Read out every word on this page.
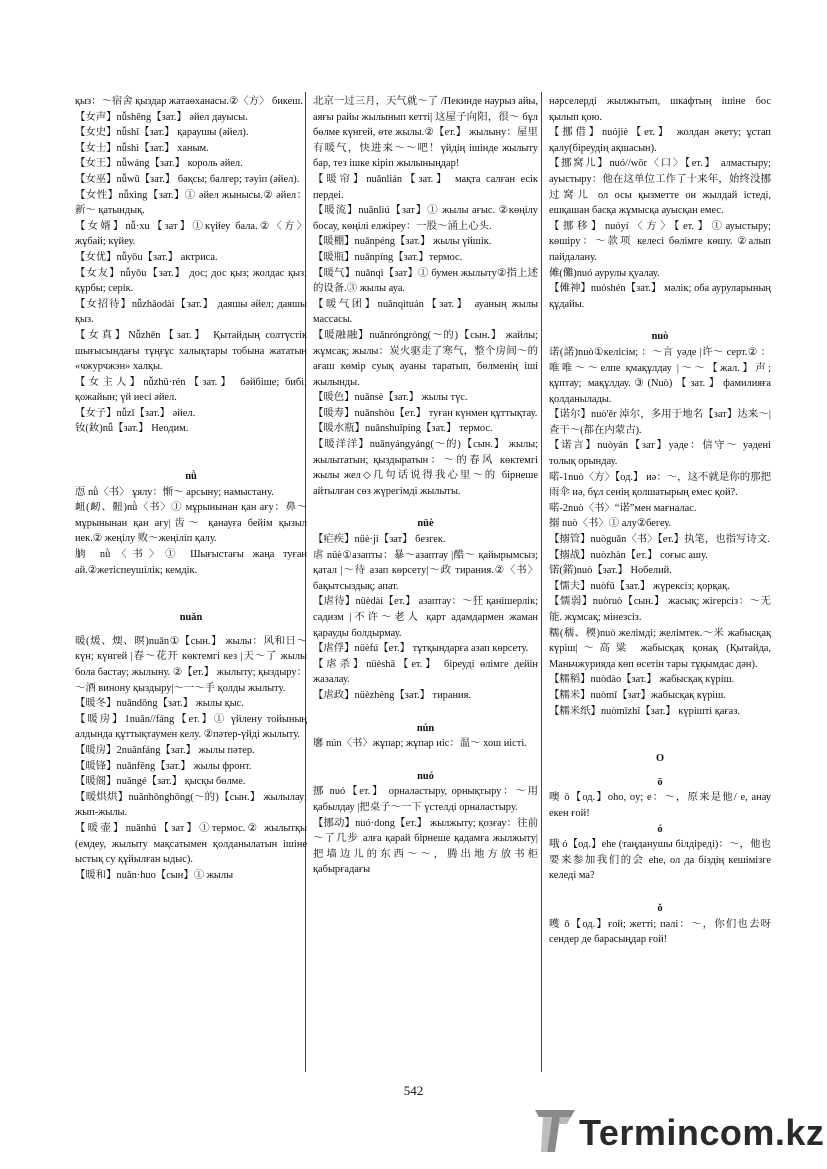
қыз：～宿舍 қыздар жатаөханасы.②〈方〉 бикеш.
【女声】nǚshēng【зат.】 әйел дауысы.
【女史】nǚshǐ【зат.】 қараушы (әйел).
【女士】nǚshì【зат.】 ханым.
【女王】nǚwáng【зат.】 король әйел.
【女巫】nǚwū【зат.】 бақсы; балгер; тәуіп (әйел).
【女性】nǚxìng【зат.】① әйел жынысы.② әйел：新～ қатындық.
【女婿】nǚ·xu【зат】①күйеу бала.②〈方〉 жұбай; күйеу.
【女优】nǚyōu【зат.】 актриса.
【女友】nǚyǒu【зат.】 дос; дос қыз; жолдас қыз; құрбы; серік.
【女招待】nǚzhāodài【зат.】 даяшы әйел; даяшы қыз.
【女真】Nǚzhēn【зат.】 Қытайдың солтүстік шығысындағы тұңғұс халықтары тобына жататын «чжурчжэн» халқы.
【女主人】nǚzhǔ·rén【зат.】 бәйбіше; бибі; қожайын; үй иесі әйел.
【女子】nǚzǐ【зат.】 әйел.
钕(釹)nǚ【зат.】 Неодим.
nǜ
恧 nǜ〈书〉 ұялу：惭～ арсыну; намыстану.
衄(衂、䶊)nǜ〈书〉① мұрынынан қан ағу：鼻～ мұрынынан қан ағу|齿～ қанауға бейім қызыл иек.② жеңілу 败～жеңіліп қалу.
朒 nǜ〈书〉① Шығыстағы жаңа туған ай.②жетіспеушілік; кемдік.
nuǎn
暖(煖、煗、暝)nuǎn①【сын.】 жылы：风和日～күн; күнгей |春～花开 көктемгі кез |天～了 жылы бола бастау; жылыну. ②【ет.】 жылыту; қыздыру：～酒 винону қыздыру|～一～手 қолды жылыту.
【暖冬】nuǎndōng【зат.】 жылы қыс.
【暖房】1nuǎn//fáng【ет.】① үйлену тойының алдында құттықтаумен келу. ②пәтер-үйді жылыту.
【暖房】2nuǎnfáng【зат.】 жылы пәтер.
【暖锋】nuǎnfēng【зат.】 жылы фронт.
【暖阁】nuǎngé【зат.】 қысқы бөлме.
【暖烘烘】nuǎnhōnghōng(～的)【сын.】 жылылау; жып-жылы.
【暖壶】nuǎnhú【зат】①термос.② жылытқы (емдеу, жылыту мақсатымен қолданылатын ішіне ыстық су құйылған ыдыс).
【暖和】nuǎn·huo【сын】① жылы
北京一过三月，天气就～了 /Пекинде наурыз айы, аяғы райы жылынып кетті| 这屋子向阳，很～ бұл бөлме күнгей, өте жылы.②【ет.】 жылыну：屋里有暖气，快进来～～吧！үйдің ішінде жылыту бар, тез ішке кіріп жылыныңдар!
【暖帘】nuǎnlián【зат.】 мақта салған есік пердеі.
【暖流】nuǎnliú【зат】① жылы ағыс. ②көңілу босау, көңілі елжіреу：一股～涌上心头.
【暖棚】nuǎnpéng【зат.】 жылы үйшік.
【暖瓶】nuǎnpíng【зат.】термос.
【暖气】nuǎnqì【зат】① бумен жылыту②指上述的设备.③ жылы ауа.
【暖气团】nuǎnqìtuán【зат.】 ауаның жылы массасы.
【暖融融】nuǎnróngróng(～的)【сын.】 жайлы; жұмсақ; жылы：炭火驱走了寒气，整个房间～的 ағаш көмір суық ауаны таратып, бөлменің іші жылынды.
【暖色】nuǎnsè【зат.】 жылы түс.
【暖寿】nuǎnshòu【ет.】 туған күнмен құттықтау.
【暖水瓶】nuǎnshuǐpíng【зат.】 термос.
【暖洋洋】nuǎnyángyáng(～的)【сын.】 жылы; жылытатын; қыздыратын：～的春风 көктемгі жылы жел◇几句话说得我心里～的 бірнеше айтылған сөз жүрегімді жылыты.
nüè
【疟疾】nüè·ji【зат】 безгек.
虐 nüè①азапты：暴～азаптау |酷～ қайырымсыз; қатал |～待 азап көрсету|～政 тирания.②〈书〉 бақытсыздық; апат.
【虐待】nüèdài【ет.】 азаптау：～狂 қаніш​ерлік; садизм |不许～老人 қарт адамдармен жаман қарауды болдырмау.
【虐俘】nüèfú【ет.】 тұтқындарға азап көрсету.
【虐杀】nüèshā【ет.】 біреуді өлімге дейін жазалау.
【虐政】nüèzhèng【зат.】 тирания.
nún
黁 nún〈书〉жұпар; жұпар иіс：温～ хош иісті.
nuó
挪 nuó【ет.】 орналастыру, орнықтыру：～用 қабылдау |把桌子～一下 үстелді орналастыру.
【挪动】nuó·dong【ет.】 жылжыту; қозғау：往前～了几步 алға қарай бірнеше қадамға жылжыту|把墙边儿的东西～～，腾出地方放书柜 қабырғадағы
нәрселерді жылжытып, шкафтың ішіне бос қылып қою.
【挪借】nuójiè【ет.】 жолдан әкету; ұстап қалу(біреудің ақшасын).
【挪窝儿】nuó//wōr〈口〉【ет.】 алмастыру; ауыстыру：他在这单位工作了十来年，始终没挪过窝儿 ол осы қызметте он жылдай істеді, ешқашан басқа жұмысқа ауысқан емес.
【挪移】nuóyí〈方〉【ет.】①ауыстыру; көшіру：～款项 келесі бөлімге көшу. ②алып пайдалану.
傩(儺)nuó аурулы қуалау.
【傩神】nuóshén【зат.】 мәлік; оба ауруларының құдайы.
nuò
诺(諾)nuò①келісім; ：～言 уәде |许～ серт.② ：唯唯～～елпе қмақұлдау |～～【жал.】声; құптау; мақұлдау.③(Nuò)【зат.】фамилияға қолданылады.
【诺尔】nuò'ěr 淖尔，多用于地名【зат】达来～|查干～(都在内蒙古).
【诺言】nuòyán【зат】уәде：信守～ уәдені толық орындау.
喏-1nuò〈方〉【од.】 иә：～，这不就是你的那把雨伞 иә, бұл сенің қолшатырың емес қой?.
喏-2nuò〈书〉“诺”мен мағналас.
搦 nuò〈书〉① алу②бегеу.
【搦管】nuòguǎn〈书〉【ет.】执笔，也指写诗文.
【搦战】nuòzhàn【ет.】 соғыс ашу.
锘(鍩)nuò【зат.】 Нобелий.
【懦夫】nuòfū【зат.】 жүрексіз; қорқақ.
【懦弱】nuòruò【сын.】 жасық; жігерсіз：～无能. жұмсақ; мінезсіз.
糯(穤、稬)nuò желімді; желімтек.～米 жабысқақ күріш|～高粱 жабысқақ қонақ (Қытайда, Маньчжурияда көп өсетін тары тұқымдас дән).
【糯稻】nuòdào【зат.】 жабысқақ күріш.
【糯米】nuòmǐ【зат】жабысқақ күріш.
【糯米纸】nuòmǐzhǐ【зат.】 күрішті қағаз.
O
ō
噢 ō【од.】oho, oy; e：～，原来是他/ e, анау екен ғой!
ó
哦 ó【од.】ehe (таңданушы білдіреді)：～，他也要来参加我们的会 ehe, ол да біздің кешімізге келеді ма?
ǒ
嚄 ǒ【од.】ғой; жетті; пәлі：～，你们也去呀 сендер де барасыңдар ғой!
542
Termincom.kz
